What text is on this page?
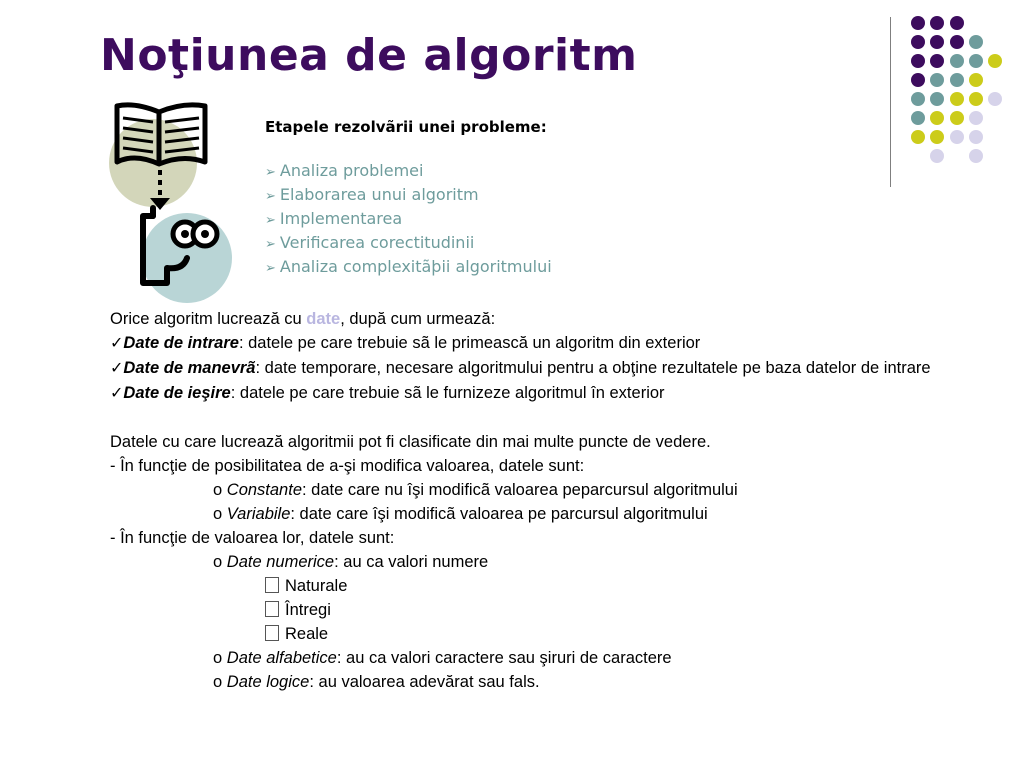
Noţiunea de algoritm

Etapele rezolvãrii unei probleme:

➢ Analiza problemei
➢ Elaborarea unui algoritm
➢ Implementarea
➢ Verificarea corectitudinii
➢ Analiza complexitãþii algoritmului

Orice algoritm lucrează cu date, după cum urmează:

✓Date de intrare: datele pe care trebuie sã le primească un algoritm din exterior

✓Date de manevrã: date temporare, necesare algoritmului pentru a obţine rezultatele pe baza datelor de intrare

✓Date de ieşire: datele pe care trebuie sã le furnizeze algoritmul în exterior

Datele cu care lucrează algoritmii pot fi clasificate din mai multe puncte de vedere.

- În funcţie de posibilitatea de a-şi modifica valoarea, datele sunt:

o Constante: date care nu îşi modificã valoarea peparcursul algoritmului

o Variabile: date care îşi modificã valoarea pe parcursul algoritmului

- În funcţie de valoarea lor, datele sunt:

o Date numerice: au ca valori numere

Naturale

Întregi

Reale

o Date alfabetice: au ca valori caractere sau şiruri de caractere

o Date logice: au valoarea adevărat sau fals.
